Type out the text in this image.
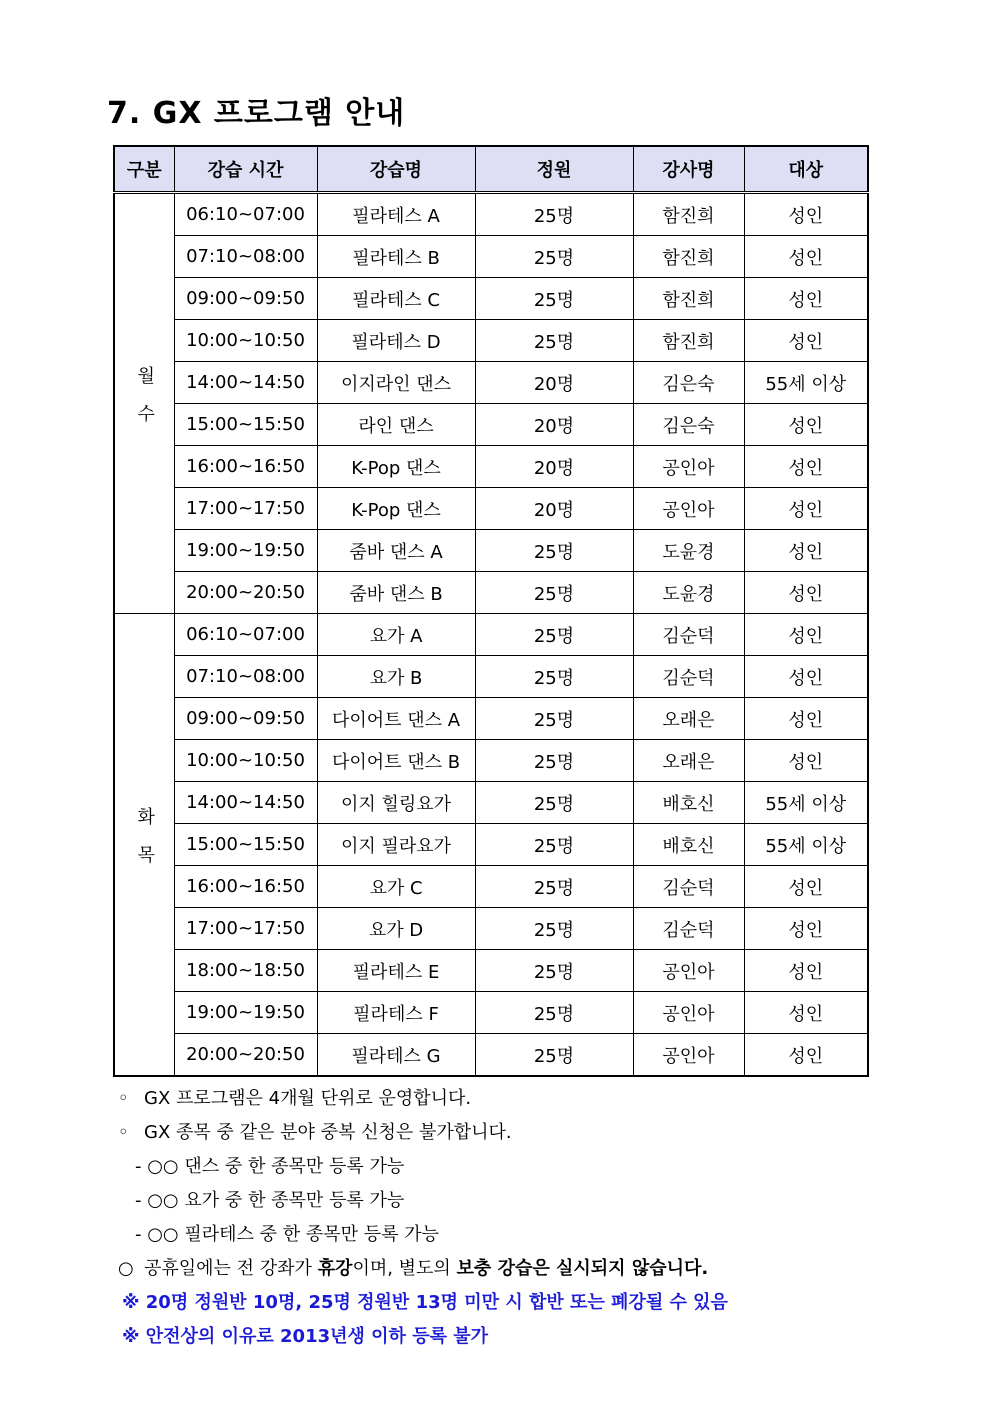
7. GX 프로그램 안내
구분	강습 시간	강습명	정원	강사명	대상
월수	06:10~07:00	필라테스 A	25명	함진희	성인
	07:10~08:00	필라테스 B	25명	함진희	성인
	09:00~09:50	필라테스 C	25명	함진희	성인
	10:00~10:50	필라테스 D	25명	함진희	성인
	14:00~14:50	이지라인 댄스	20명	김은숙	55세 이상
	15:00~15:50	라인 댄스	20명	김은숙	성인
	16:00~16:50	K-Pop 댄스	20명	공인아	성인
	17:00~17:50	K-Pop 댄스	20명	공인아	성인
	19:00~19:50	줌바 댄스 A	25명	도윤경	성인
	20:00~20:50	줌바 댄스 B	25명	도윤경	성인
화목	06:10~07:00	요가 A	25명	김순덕	성인
	07:10~08:00	요가 B	25명	김순덕	성인
	09:00~09:50	다이어트 댄스 A	25명	오래은	성인
	10:00~10:50	다이어트 댄스 B	25명	오래은	성인
	14:00~14:50	이지 힐링요가	25명	배호신	55세 이상
	15:00~15:50	이지 필라요가	25명	배호신	55세 이상
	16:00~16:50	요가 C	25명	김순덕	성인
	17:00~17:50	요가 D	25명	김순덕	성인
	18:00~18:50	필라테스 E	25명	공인아	성인
	19:00~19:50	필라테스 F	25명	공인아	성인
	20:00~20:50	필라테스 G	25명	공인아	성인
◦ GX 프로그램은 4개월 단위로 운영합니다.
◦ GX 종목 중 같은 분야 중복 신청은 불가합니다.
- ○○ 댄스 중 한 종목만 등록 가능
- ○○ 요가 중 한 종목만 등록 가능
- ○○ 필라테스 중 한 종목만 등록 가능
○ 공휴일에는 전 강좌가 휴강이며, 별도의 보충 강습은 실시되지 않습니다.
※ 20명 정원반 10명, 25명 정원반 13명 미만 시 합반 또는 폐강될 수 있음
※ 안전상의 이유로 2013년생 이하 등록 불가
